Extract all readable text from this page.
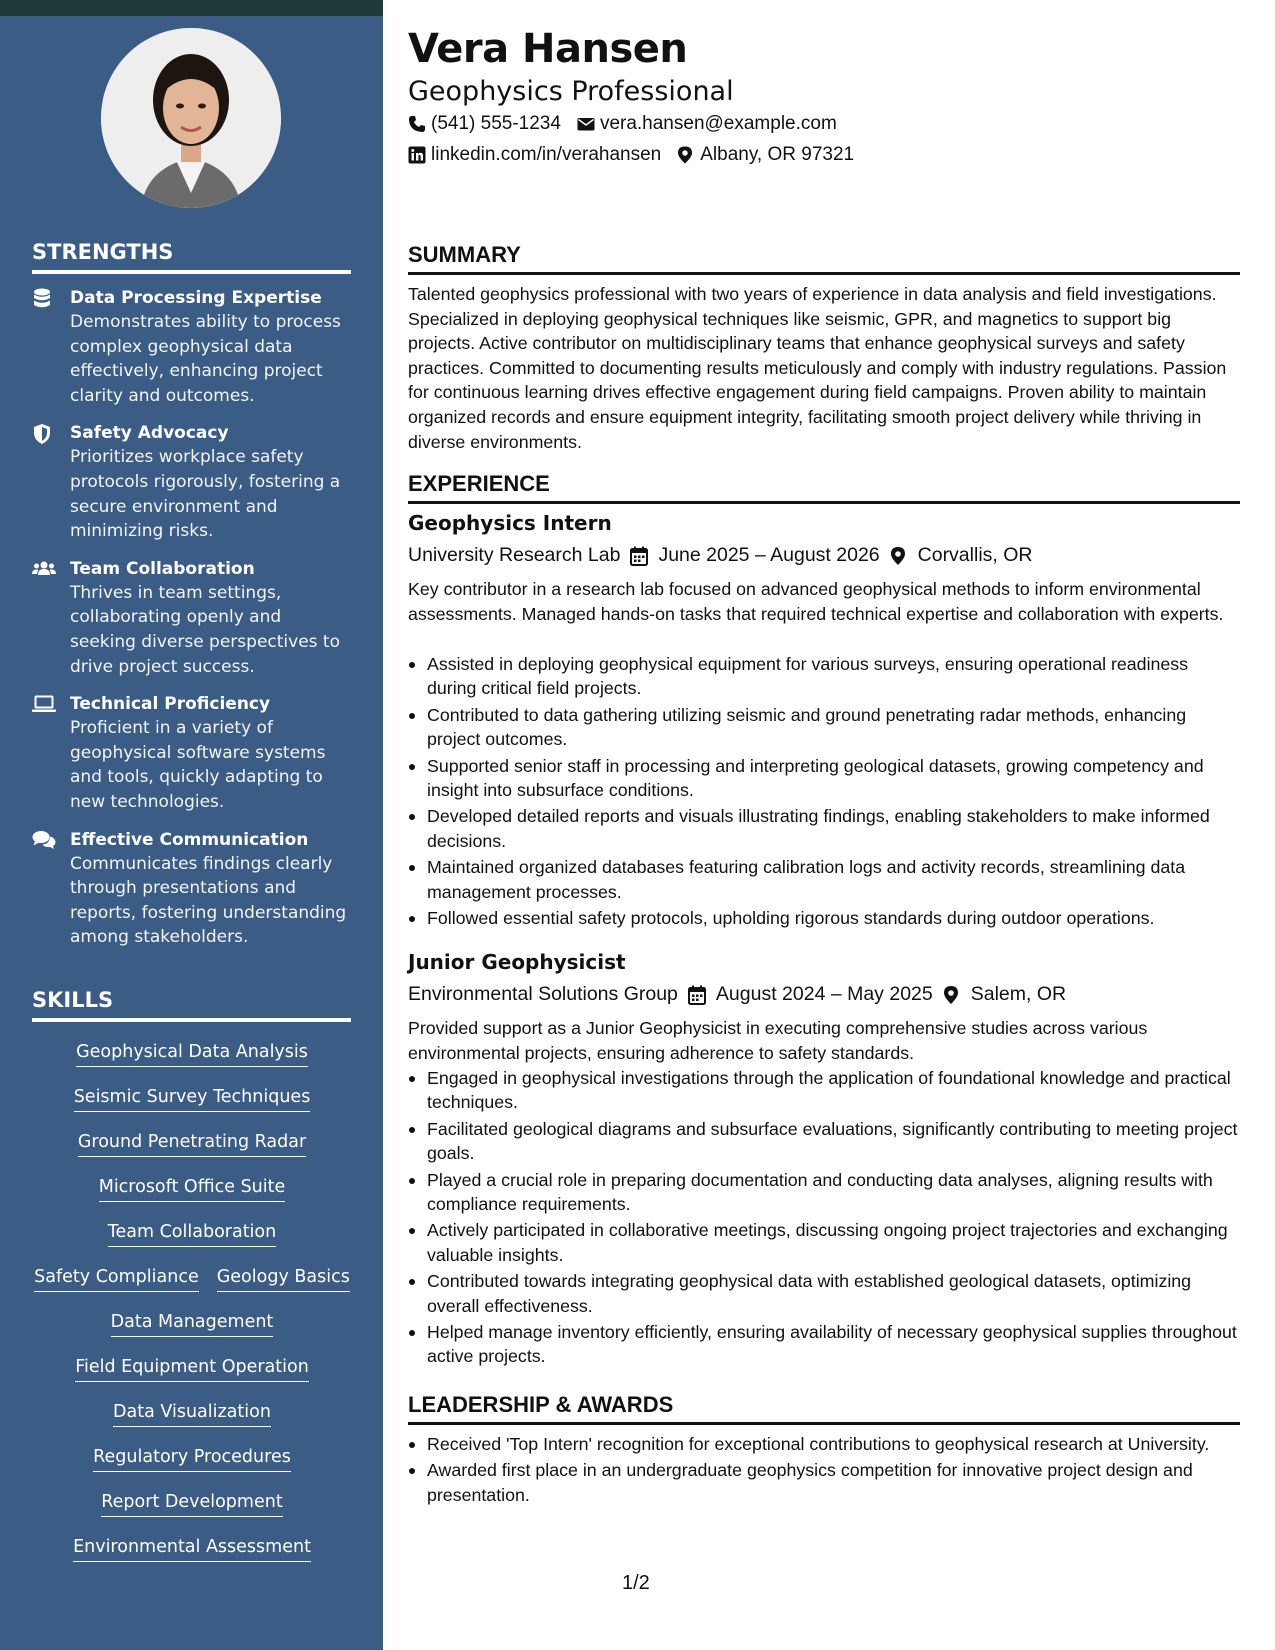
STRENGTHS
Data Processing Expertise
Demonstrates ability to process complex geophysical data effectively, enhancing project clarity and outcomes.
Safety Advocacy
Prioritizes workplace safety protocols rigorously, fostering a secure environment and minimizing risks.
Team Collaboration
Thrives in team settings, collaborating openly and seeking diverse perspectives to drive project success.
Technical Proficiency
Proficient in a variety of geophysical software systems and tools, quickly adapting to new technologies.
Effective Communication
Communicates findings clearly through presentations and reports, fostering understanding among stakeholders.
SKILLS
Geophysical Data Analysis
Seismic Survey Techniques
Ground Penetrating Radar
Microsoft Office Suite
Team Collaboration
Safety Compliance Geology Basics
Data Management
Field Equipment Operation
Data Visualization
Regulatory Procedures
Report Development
Environmental Assessment
Vera Hansen
Geophysics Professional
(541) 555-1234 vera.hansen@example.com
linkedin.com/in/verahansen Albany, OR 97321
SUMMARY
Talented geophysics professional with two years of experience in data analysis and field investigations. Specialized in deploying geophysical techniques like seismic, GPR, and magnetics to support big projects. Active contributor on multidisciplinary teams that enhance geophysical surveys and safety practices. Committed to documenting results meticulously and comply with industry regulations. Passion for continuous learning drives effective engagement during field campaigns. Proven ability to maintain organized records and ensure equipment integrity, facilitating smooth project delivery while thriving in diverse environments.
EXPERIENCE
Geophysics Intern
University Research Lab June 2025 – August 2026 Corvallis, OR
Key contributor in a research lab focused on advanced geophysical methods to inform environmental assessments. Managed hands-on tasks that required technical expertise and collaboration with experts.
Assisted in deploying geophysical equipment for various surveys, ensuring operational readiness during critical field projects.
Contributed to data gathering utilizing seismic and ground penetrating radar methods, enhancing project outcomes.
Supported senior staff in processing and interpreting geological datasets, growing competency and insight into subsurface conditions.
Developed detailed reports and visuals illustrating findings, enabling stakeholders to make informed decisions.
Maintained organized databases featuring calibration logs and activity records, streamlining data management processes.
Followed essential safety protocols, upholding rigorous standards during outdoor operations.
Junior Geophysicist
Environmental Solutions Group August 2024 – May 2025 Salem, OR
Provided support as a Junior Geophysicist in executing comprehensive studies across various environmental projects, ensuring adherence to safety standards.
Engaged in geophysical investigations through the application of foundational knowledge and practical techniques.
Facilitated geological diagrams and subsurface evaluations, significantly contributing to meeting project goals.
Played a crucial role in preparing documentation and conducting data analyses, aligning results with compliance requirements.
Actively participated in collaborative meetings, discussing ongoing project trajectories and exchanging valuable insights.
Contributed towards integrating geophysical data with established geological datasets, optimizing overall effectiveness.
Helped manage inventory efficiently, ensuring availability of necessary geophysical supplies throughout active projects.
LEADERSHIP & AWARDS
Received 'Top Intern' recognition for exceptional contributions to geophysical research at University.
Awarded first place in an undergraduate geophysics competition for innovative project design and presentation.
1/2
